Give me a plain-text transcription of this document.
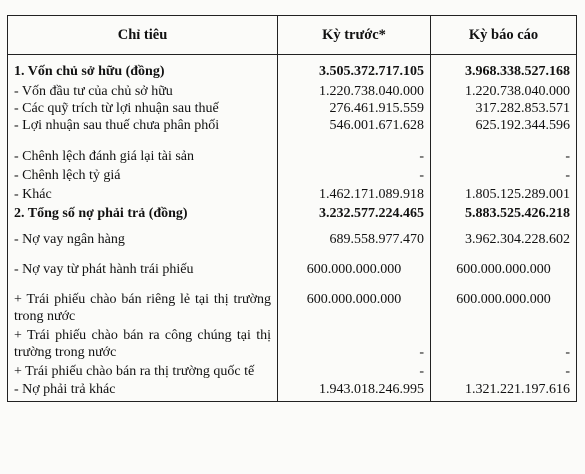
Chỉ tiêu	Kỳ trước*	Kỳ báo cáo
1. Vốn chủ sở hữu (đồng)	3.505.372.717.105	3.968.338.527.168
- Vốn đầu tư của chủ sở hữu	1.220.738.040.000	1.220.738.040.000
- Các quỹ trích từ lợi nhuận sau thuế	276.461.915.559	317.282.853.571
- Lợi nhuận sau thuế chưa phân phối	546.001.671.628	625.192.344.596
- Chênh lệch đánh giá lại tài sản	-	-
- Chênh lệch tỷ giá	-	-
- Khác	1.462.171.089.918	1.805.125.289.001
2. Tổng số nợ phải trả (đồng)	3.232.577.224.465	5.883.525.426.218
- Nợ vay ngân hàng	689.558.977.470	3.962.304.228.602
- Nợ vay từ phát hành trái phiếu	600.000.000.000	600.000.000.000
+ Trái phiếu chào bán riêng lẻ tại thị trường trong nước	600.000.000.000	600.000.000.000
+ Trái phiếu chào bán ra công chúng tại thị trường trong nước	-	-
+ Trái phiếu chào bán ra thị trường quốc tế	-	-
- Nợ phải trả khác	1.943.018.246.995	1.321.221.197.616
